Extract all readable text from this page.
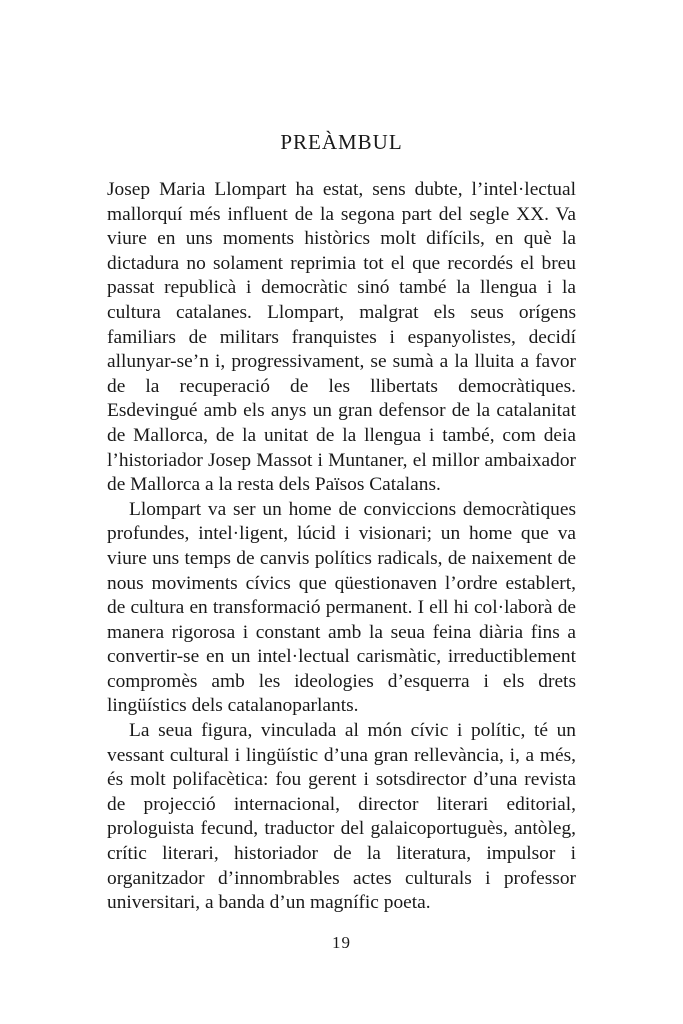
PREÀMBUL

Josep Maria Llompart ha estat, sens dubte, l’intel·lectual mallorquí més influent de la segona part del segle XX. Va viure en uns moments històrics molt difícils, en què la dictadura no solament reprimia tot el que recordés el breu passat republicà i democràtic sinó també la llengua i la cultura catalanes. Llompart, malgrat els seus orígens familiars de militars franquistes i espanyolistes, decidí allunyar-se’n i, progressivament, se sumà a la lluita a favor de la recuperació de les llibertats democràtiques. Esdevingué amb els anys un gran defensor de la catalanitat de Mallorca, de la unitat de la llengua i també, com deia l’historiador Josep Massot i Muntaner, el millor ambaixador de Mallorca a la resta dels Països Catalans.

Llompart va ser un home de conviccions democràtiques profundes, intel·ligent, lúcid i visionari; un home que va viure uns temps de canvis polítics radicals, de naixement de nous moviments cívics que qüestionaven l’ordre establert, de cultura en transformació permanent. I ell hi col·laborà de manera rigorosa i constant amb la seua feina diària fins a convertir-se en un intel·lectual carismàtic, irreductiblement compromès amb les ideologies d’esquerra i els drets lingüístics dels catalanoparlants.

La seua figura, vinculada al món cívic i polític, té un vessant cultural i lingüístic d’una gran rellevància, i, a més, és molt polifacètica: fou gerent i sotsdirector d’una revista de projecció internacional, director literari editorial, prologuista fecund, traductor del galaicoportuguès, antòleg, crític literari, historiador de la literatura, impulsor i organitzador d’innombrables actes culturals i professor universitari, a banda d’un magnífic poeta.

19
